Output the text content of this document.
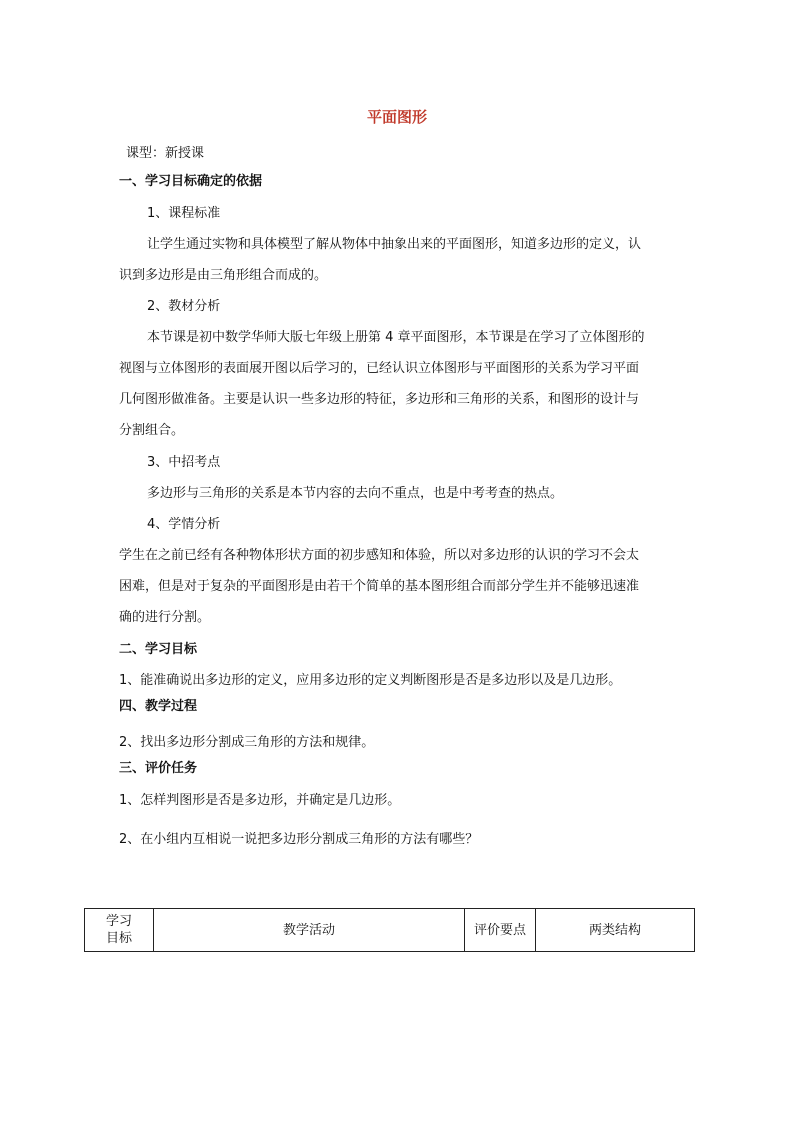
平面图形
课型：新授课
一、学习目标确定的依据
1、课程标准
让学生通过实物和具体模型了解从物体中抽象出来的平面图形，知道多边形的定义，认
识到多边形是由三角形组合而成的。
2、教材分析
本节课是初中数学华师大版七年级上册第 4 章平面图形，本节课是在学习了立体图形的
视图与立体图形的表面展开图以后学习的，已经认识立体图形与平面图形的关系为学习平面
几何图形做准备。主要是认识一些多边形的特征，多边形和三角形的关系，和图形的设计与
分割组合。
3、中招考点
多边形与三角形的关系是本节内容的去向不重点，也是中考考查的热点。
4、学情分析
学生在之前已经有各种物体形状方面的初步感知和体验，所以对多边形的认识的学习不会太
困难，但是对于复杂的平面图形是由若干个简单的基本图形组合而部分学生并不能够迅速准
确的进行分割。
二、学习目标
1、能准确说出多边形的定义，应用多边形的定义判断图形是否是多边形以及是几边形。
四、教学过程
2、找出多边形分割成三角形的方法和规律。
三、评价任务
1、怎样判图形是否是多边形，并确定是几边形。
2、在小组内互相说一说把多边形分割成三角形的方法有哪些？
学习
目标
	教学活动	评价要点	两类结构
